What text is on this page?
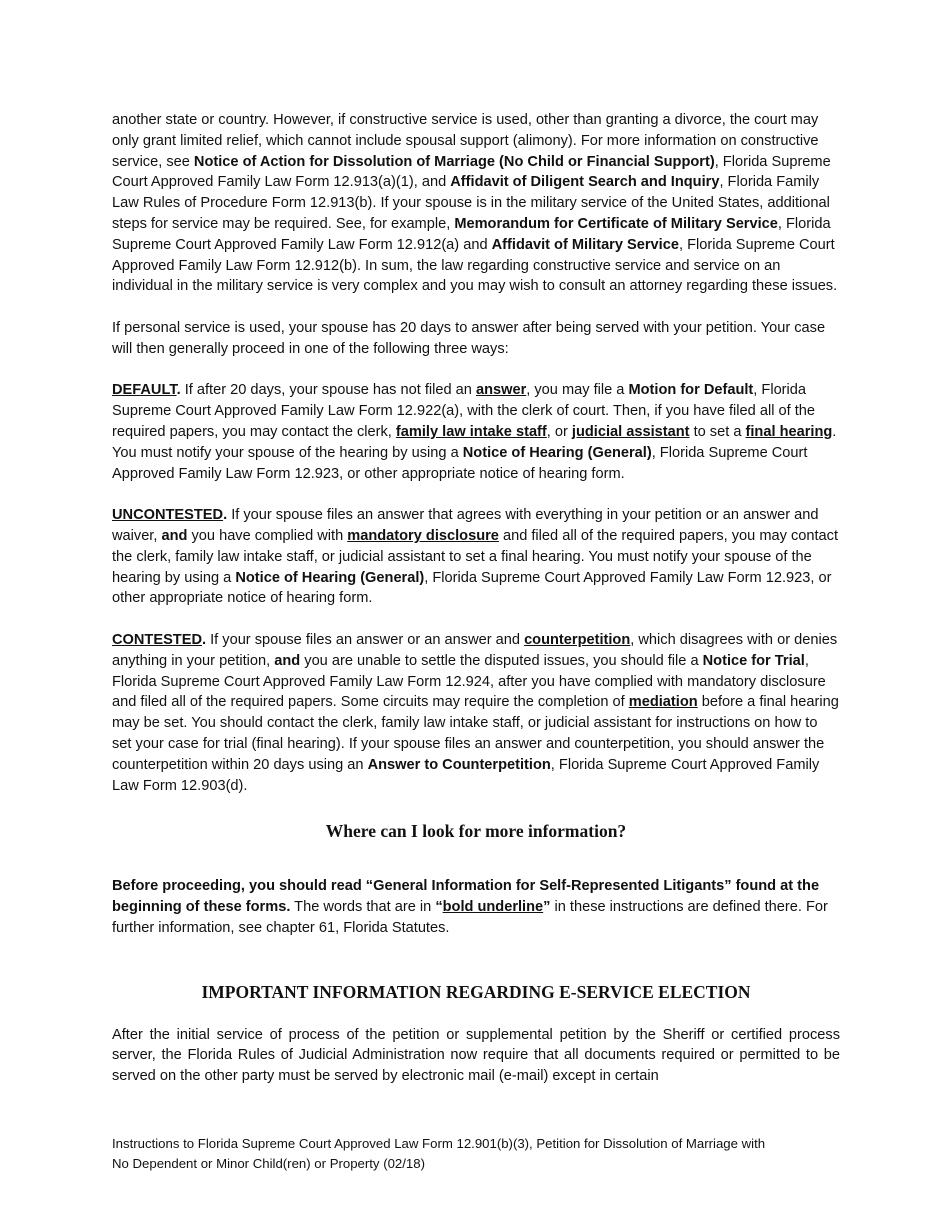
another state or country. However, if constructive service is used, other than granting a divorce, the court may only grant limited relief, which cannot include spousal support (alimony). For more information on constructive service, see Notice of Action for Dissolution of Marriage (No Child or Financial Support), Florida Supreme Court Approved Family Law Form 12.913(a)(1), and Affidavit of Diligent Search and Inquiry, Florida Family Law Rules of Procedure Form 12.913(b). If your spouse is in the military service of the United States, additional steps for service may be required. See, for example, Memorandum for Certificate of Military Service, Florida Supreme Court Approved Family Law Form 12.912(a) and Affidavit of Military Service, Florida Supreme Court Approved Family Law Form 12.912(b). In sum, the law regarding constructive service and service on an individual in the military service is very complex and you may wish to consult an attorney regarding these issues.

If personal service is used, your spouse has 20 days to answer after being served with your petition. Your case will then generally proceed in one of the following three ways:

DEFAULT. If after 20 days, your spouse has not filed an answer, you may file a Motion for Default, Florida Supreme Court Approved Family Law Form 12.922(a), with the clerk of court. Then, if you have filed all of the required papers, you may contact the clerk, family law intake staff, or judicial assistant to set a final hearing. You must notify your spouse of the hearing by using a Notice of Hearing (General), Florida Supreme Court Approved Family Law Form 12.923, or other appropriate notice of hearing form.

UNCONTESTED. If your spouse files an answer that agrees with everything in your petition or an answer and waiver, and you have complied with mandatory disclosure and filed all of the required papers, you may contact the clerk, family law intake staff, or judicial assistant to set a final hearing. You must notify your spouse of the hearing by using a Notice of Hearing (General), Florida Supreme Court Approved Family Law Form 12.923, or other appropriate notice of hearing form.

CONTESTED. If your spouse files an answer or an answer and counterpetition, which disagrees with or denies anything in your petition, and you are unable to settle the disputed issues, you should file a Notice for Trial, Florida Supreme Court Approved Family Law Form 12.924, after you have complied with mandatory disclosure and filed all of the required papers. Some circuits may require the completion of mediation before a final hearing may be set. You should contact the clerk, family law intake staff, or judicial assistant for instructions on how to set your case for trial (final hearing). If your spouse files an answer and counterpetition, you should answer the counterpetition within 20 days using an Answer to Counterpetition, Florida Supreme Court Approved Family Law Form 12.903(d).

Where can I look for more information?

Before proceeding, you should read “General Information for Self-Represented Litigants” found at the beginning of these forms. The words that are in “bold underline” in these instructions are defined there. For further information, see chapter 61, Florida Statutes.

IMPORTANT INFORMATION REGARDING E-SERVICE ELECTION

After the initial service of process of the petition or supplemental petition by the Sheriff or certified process server, the Florida Rules of Judicial Administration now require that all documents required or permitted to be served on the other party must be served by electronic mail (e-mail) except in certain

Instructions to Florida Supreme Court Approved Law Form 12.901(b)(3), Petition for Dissolution of Marriage with
No Dependent or Minor Child(ren) or Property (02/18)
